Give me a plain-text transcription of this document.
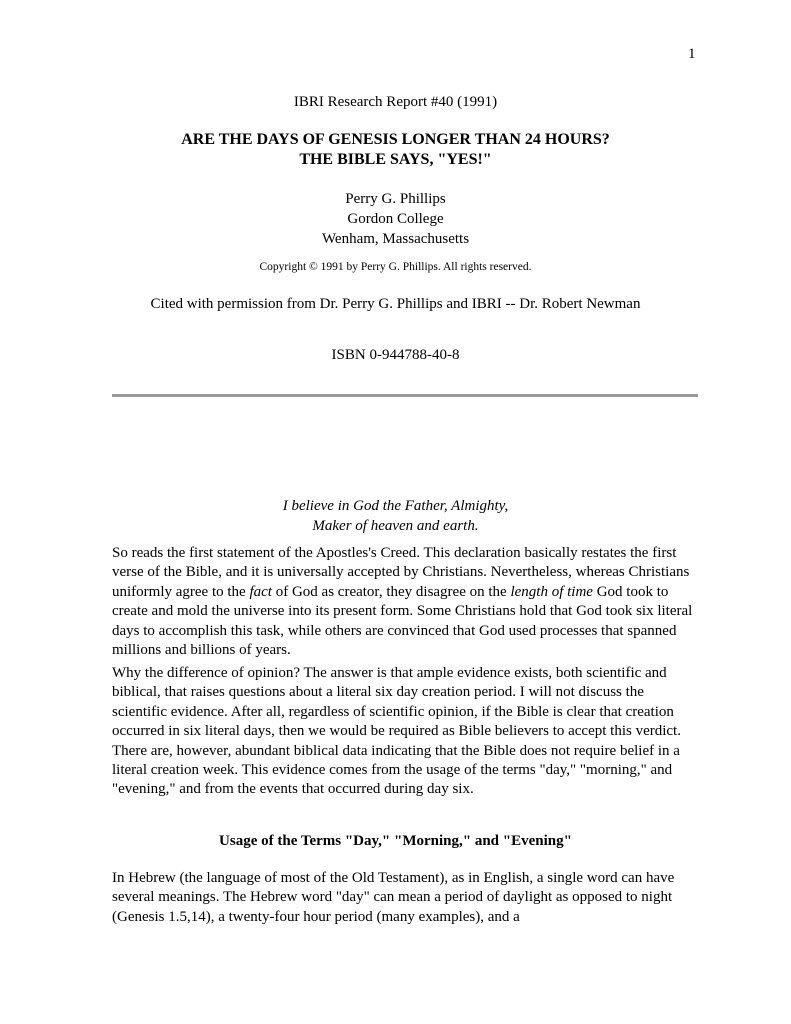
1
IBRI Research Report #40 (1991)
ARE THE DAYS OF GENESIS LONGER THAN 24 HOURS?
THE BIBLE SAYS, "YES!"
Perry G. Phillips
Gordon College
Wenham, Massachusetts
Copyright © 1991 by Perry G. Phillips. All rights reserved.
Cited with permission from Dr. Perry G. Phillips and IBRI -- Dr. Robert Newman
ISBN 0-944788-40-8
I believe in God the Father, Almighty,
Maker of heaven and earth.
So reads the first statement of the Apostles's Creed. This declaration basically restates the first verse of the Bible, and it is universally accepted by Christians. Nevertheless, whereas Christians uniformly agree to the fact of God as creator, they disagree on the length of time God took to create and mold the universe into its present form. Some Christians hold that God took six literal days to accomplish this task, while others are convinced that God used processes that spanned millions and billions of years.
Why the difference of opinion? The answer is that ample evidence exists, both scientific and biblical, that raises questions about a literal six day creation period. I will not discuss the scientific evidence. After all, regardless of scientific opinion, if the Bible is clear that creation occurred in six literal days, then we would be required as Bible believers to accept this verdict. There are, however, abundant biblical data indicating that the Bible does not require belief in a literal creation week. This evidence comes from the usage of the terms "day," "morning," and "evening," and from the events that occurred during day six.
Usage of the Terms "Day," "Morning," and "Evening"
In Hebrew (the language of most of the Old Testament), as in English, a single word can have several meanings. The Hebrew word "day" can mean a period of daylight as opposed to night (Genesis 1.5,14), a twenty-four hour period (many examples), and a
